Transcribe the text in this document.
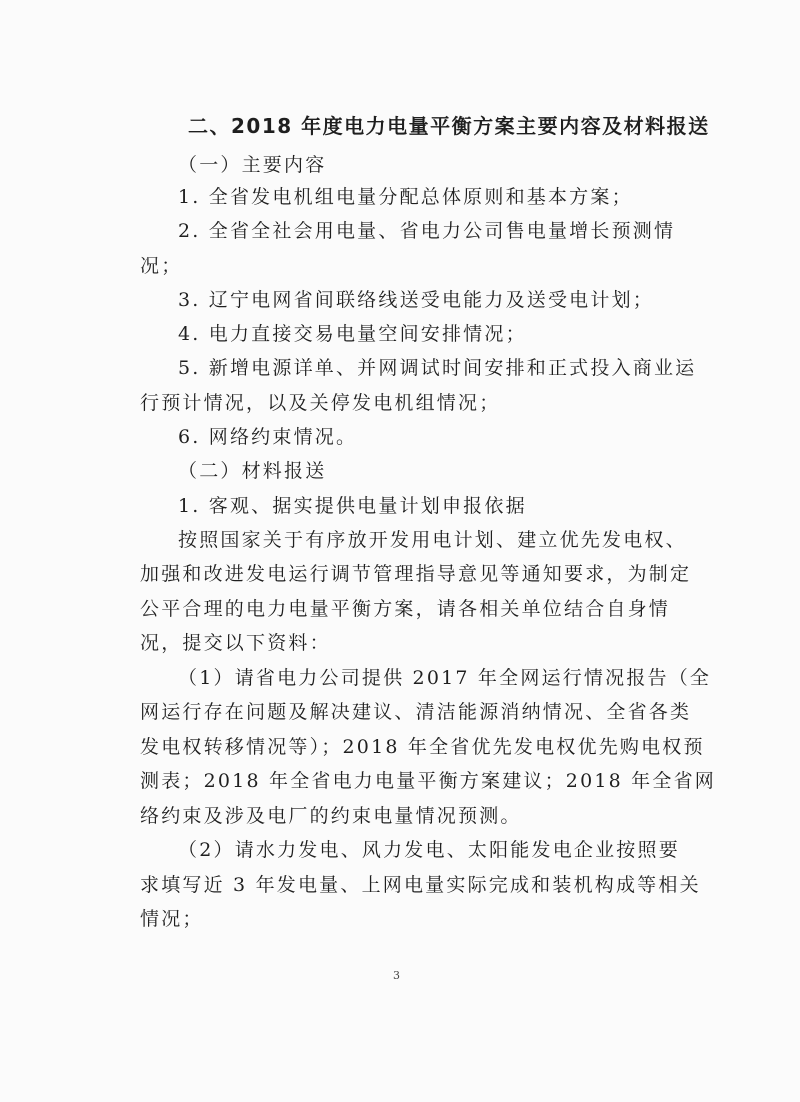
二、2018 年度电力电量平衡方案主要内容及材料报送
（一）主要内容
1. 全省发电机组电量分配总体原则和基本方案；
2. 全省全社会用电量、省电力公司售电量增长预测情
况；
3. 辽宁电网省间联络线送受电能力及送受电计划；
4. 电力直接交易电量空间安排情况；
5. 新增电源详单、并网调试时间安排和正式投入商业运
行预计情况，以及关停发电机组情况；
6. 网络约束情况。
（二）材料报送
1. 客观、据实提供电量计划申报依据
按照国家关于有序放开发用电计划、建立优先发电权、
加强和改进发电运行调节管理指导意见等通知要求，为制定
公平合理的电力电量平衡方案，请各相关单位结合自身情
况，提交以下资料：
（1）请省电力公司提供 2017 年全网运行情况报告（全
网运行存在问题及解决建议、清洁能源消纳情况、全省各类
发电权转移情况等）；2018 年全省优先发电权优先购电权预
测表；2018 年全省电力电量平衡方案建议；2018 年全省网
络约束及涉及电厂的约束电量情况预测。
（2）请水力发电、风力发电、太阳能发电企业按照要
求填写近 3 年发电量、上网电量实际完成和装机构成等相关
情况；
3
